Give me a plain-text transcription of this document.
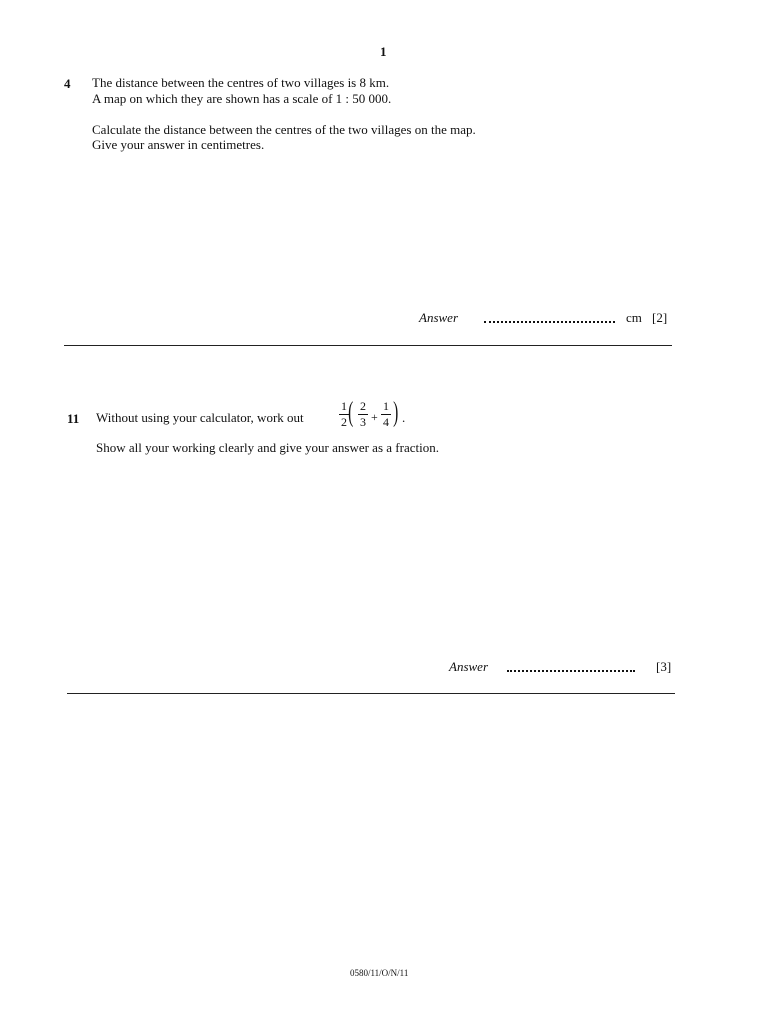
1
4 The distance between the centres of two villages is 8 km.
A map on which they are shown has a scale of 1 : 50 000.
Calculate the distance between the centres of the two villages on the map.
Give your answer in centimetres.
Answer	cm [2]
11 Without using your calculator, work out
1
2 ( 2
3 +
1
4 ) .
Show all your working clearly and give your answer as a fraction.
Answer	[3]
0580/11/O/N/11
